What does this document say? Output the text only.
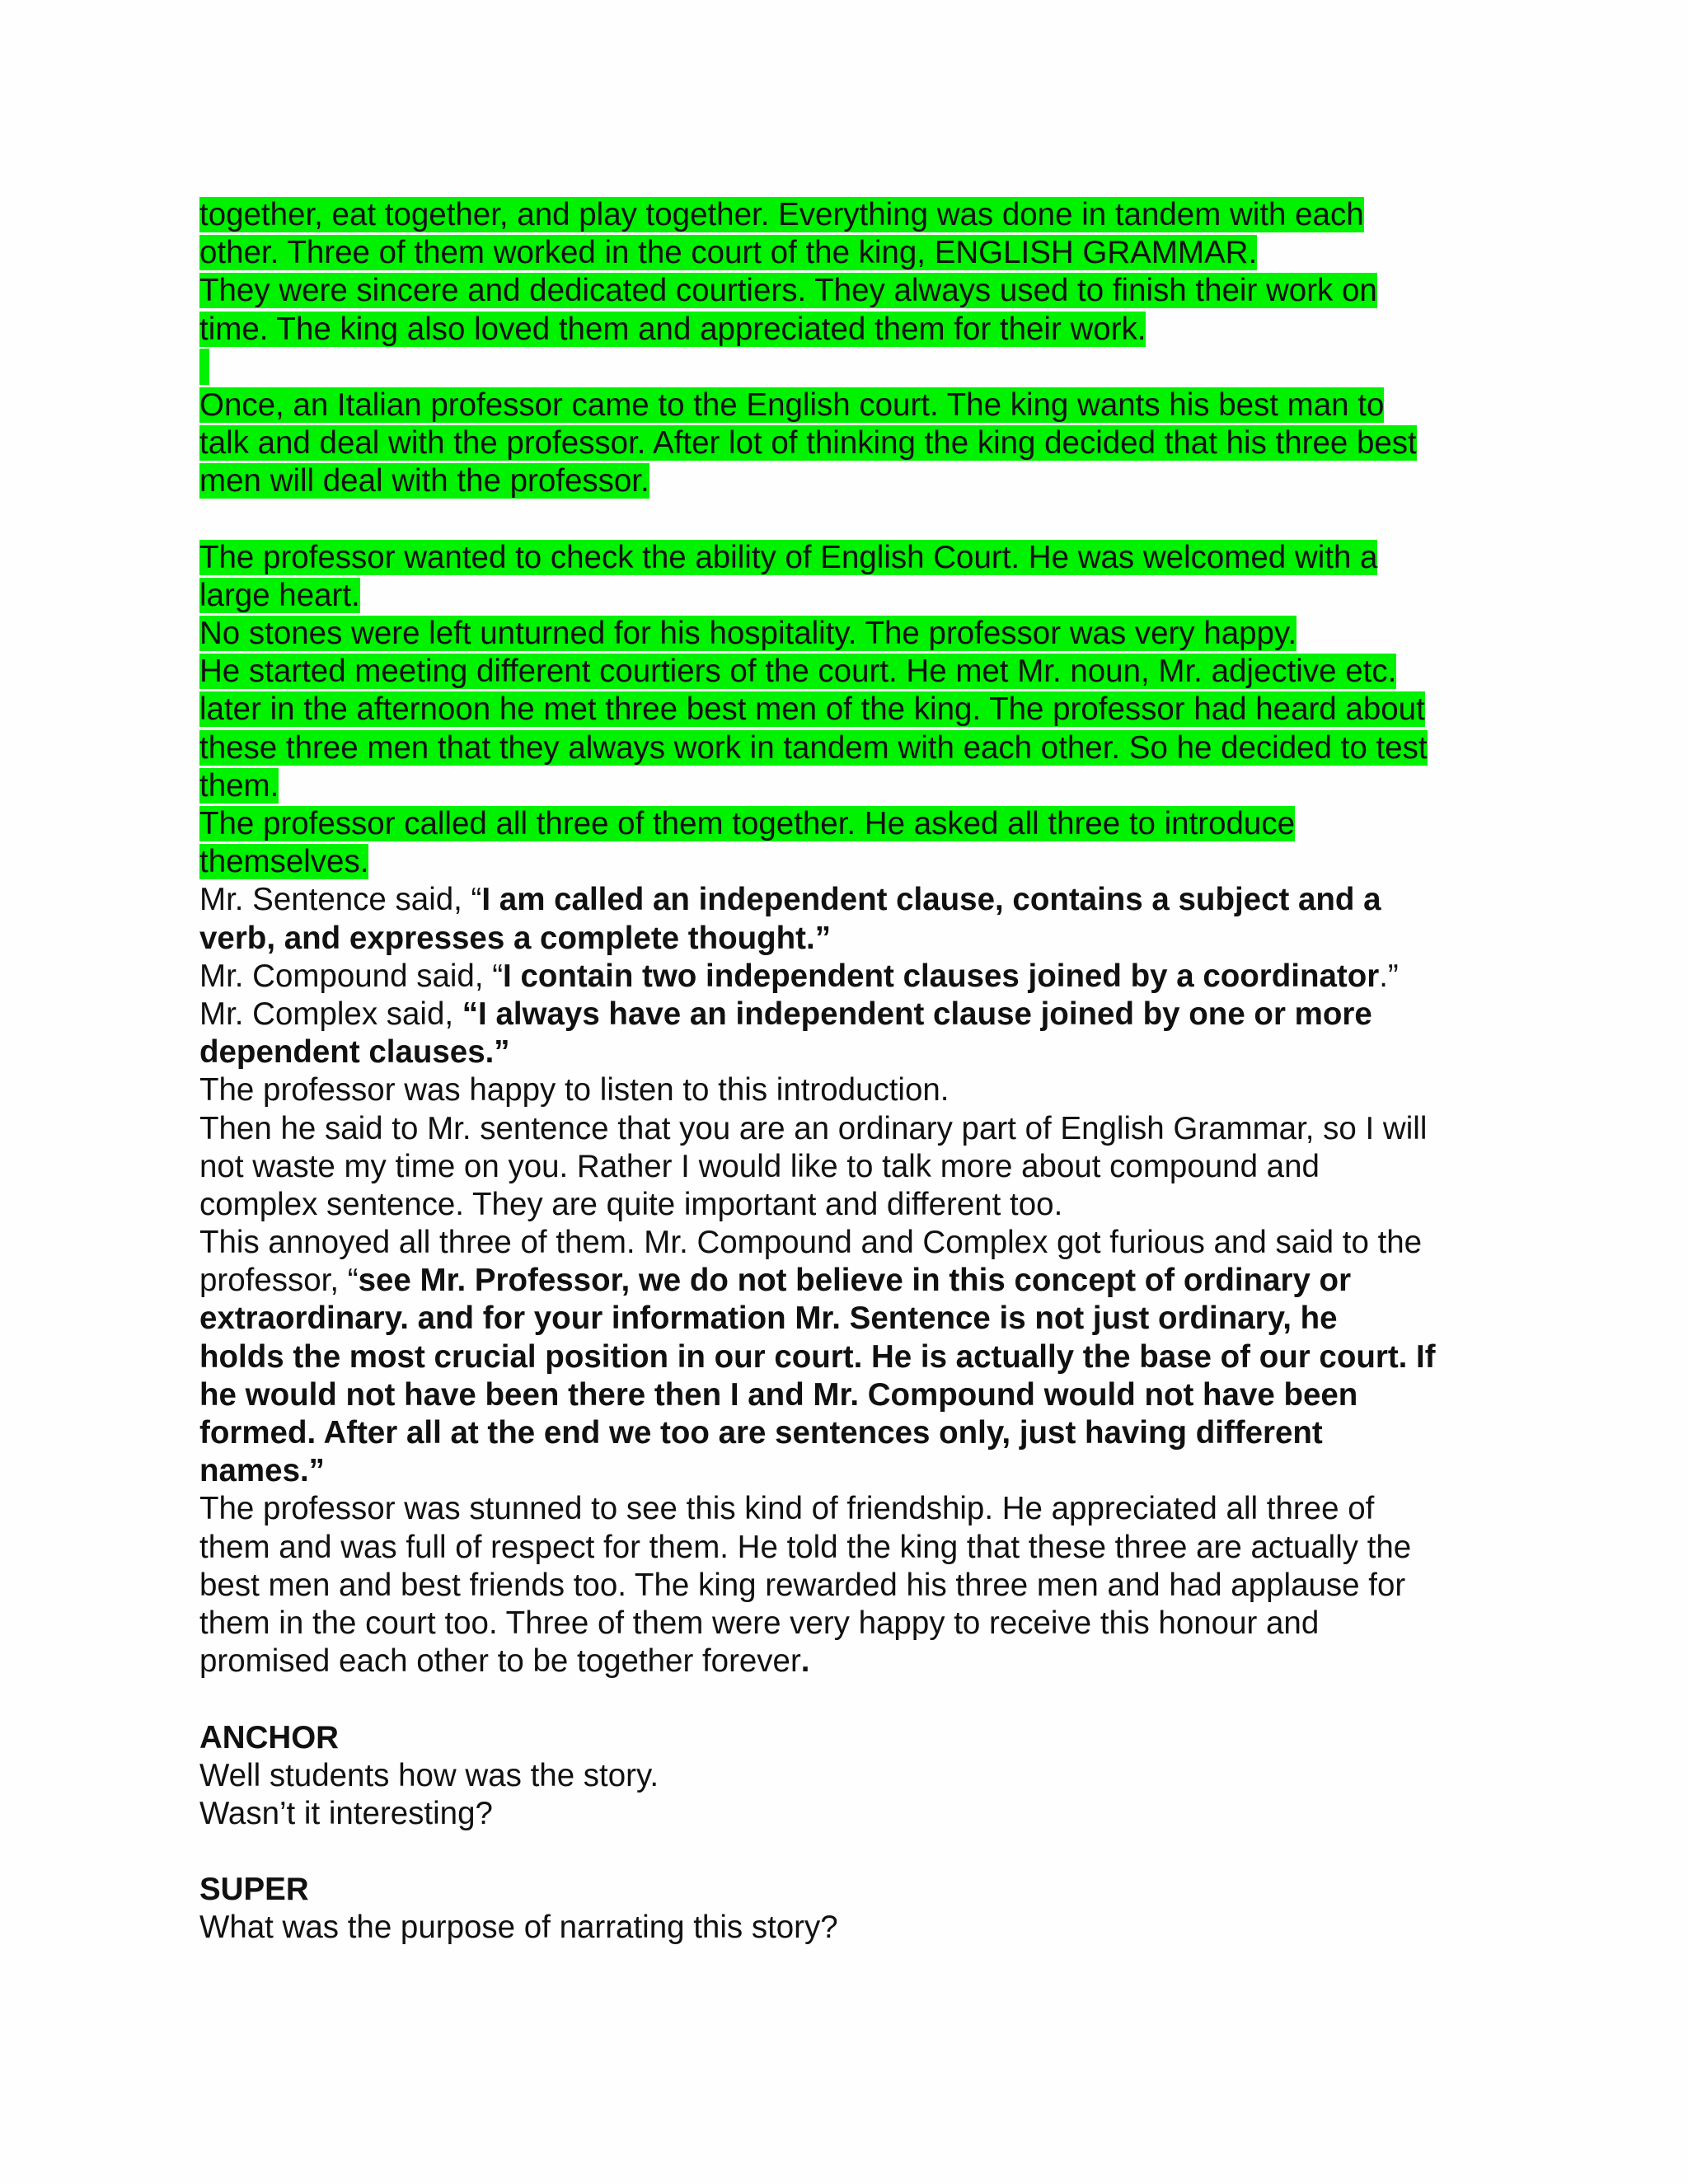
together, eat together, and play together. Everything was done in tandem with each
other. Three of them worked in the court of the king, ENGLISH GRAMMAR.
They were sincere and dedicated courtiers. They always used to finish their work on
time. The king also loved them and appreciated them for their work.
Once, an Italian professor came to the English court. The king wants his best man to
talk and deal with the professor. After lot of thinking the king decided that his three best
men will deal with the professor.
The professor wanted to check the ability of English Court. He was welcomed with a
large heart.
No stones were left unturned for his hospitality. The professor was very happy.
He started meeting different courtiers of the court. He met Mr. noun, Mr. adjective etc.
later in the afternoon he met three best men of the king. The professor had heard about
these three men that they always work in tandem with each other. So he decided to test
them.
The professor called all three of them together. He asked all three to introduce
themselves.
Mr. Sentence said, “I am called an independent clause, contains a subject and a
verb, and expresses a complete thought.”
Mr. Compound said, “I contain two independent clauses joined by a coordinator.”
Mr. Complex said, “I always have an independent clause joined by one or more
dependent clauses.”
The professor was happy to listen to this introduction.
Then he said to Mr. sentence that you are an ordinary part of English Grammar, so I will
not waste my time on you. Rather I would like to talk more about compound and
complex sentence. They are quite important and different too.
This annoyed all three of them. Mr. Compound and Complex got furious and said to the
professor, “see Mr. Professor, we do not believe in this concept of ordinary or
extraordinary. and for your information Mr. Sentence is not just ordinary, he
holds the most crucial position in our court. He is actually the base of our court. If
he would not have been there then I and Mr. Compound would not have been
formed. After all at the end we too are sentences only, just having different
names.”
The professor was stunned to see this kind of friendship. He appreciated all three of
them and was full of respect for them. He told the king that these three are actually the
best men and best friends too. The king rewarded his three men and had applause for
them in the court too. Three of them were very happy to receive this honour and
promised each other to be together forever.
ANCHOR
Well students how was the story.
Wasn’t it interesting?
SUPER
What was the purpose of narrating this story?
